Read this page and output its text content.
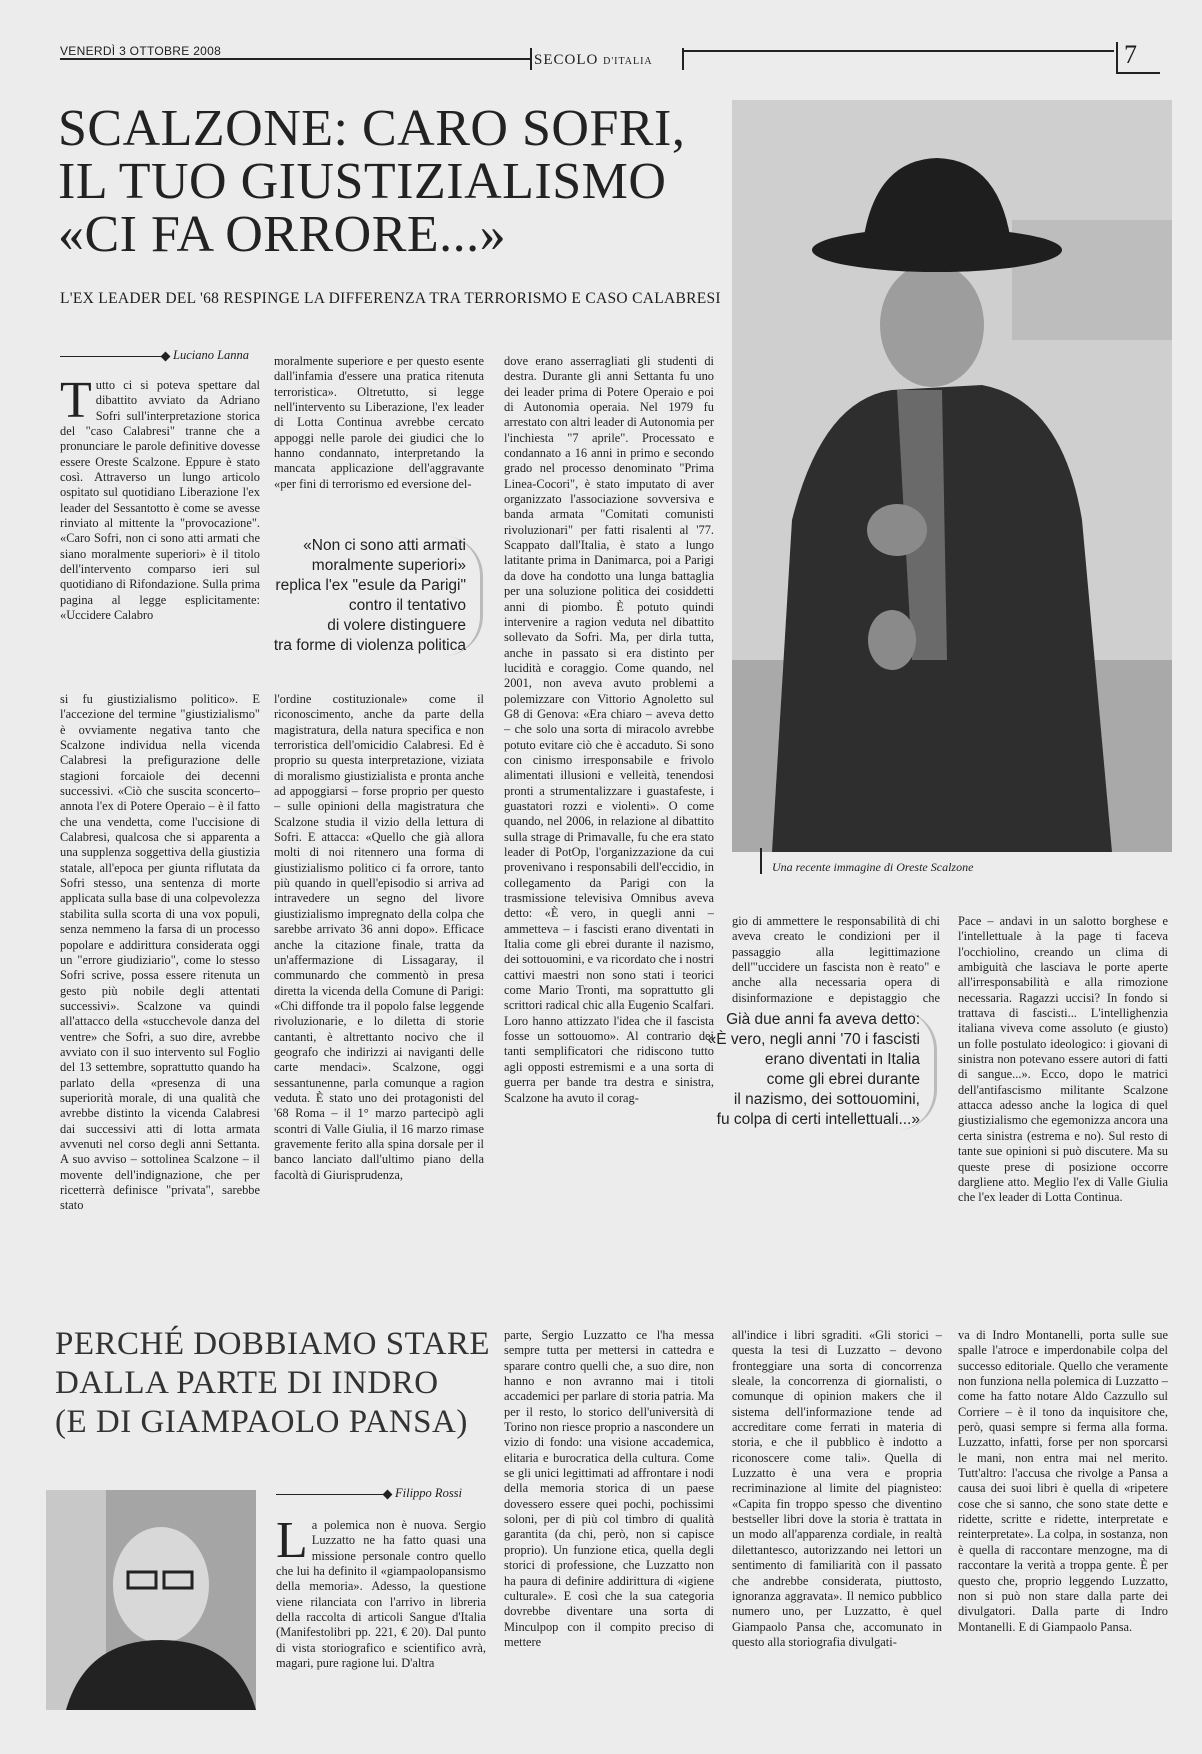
VENERDÌ 3 OTTOBRE 2008
SECOLO D'ITALIA	7
SCALZONE: CARO SOFRI,
IL TUO GIUSTIZIALISMO
«CI FA ORRORE...»
L'EX LEADER DEL '68 RESPINGE LA DIFFERENZA TRA TERRORISMO E CASO CALABRESI
Una recente immagine di Oreste Scalzone
Luciano Lanna
T utto ci si poteva spettare dal dibattito avviato da Adriano Sofri sull'interpretazione storica del "caso Calabresi" tranne che a pronunciare le parole definitive dovesse essere Oreste Scalzone. Eppure è stato così. Attraverso un lungo articolo ospitato sul quotidiano Liberazione l'ex leader del Sessantotto è come se avesse rinviato al mittente la "provocazione". «Caro Sofri, non ci sono atti armati che siano moralmente superiori» è il titolo dell'intervento comparso ieri sul quotidiano di Rifondazione. Sulla prima pagina al legge esplicitamente: «Uccidere Calabro

si fu giustizialismo politico». E l'accezione del termine "giustizialismo" è ovviamente negativa tanto che Scalzone individua nella vicenda Calabresi la prefigurazione delle stagioni forcaiole dei decenni successivi. «Ciò che suscita sconcerto– annota l'ex di Potere Operaio – è il fatto che una vendetta, come l'uccisione di Calabresi, qualcosa che si apparenta a una supplenza soggettiva della giustizia statale, all'epoca per giunta riflutata da Sofri stesso, una sentenza di morte applicata sulla base di una colpevolezza stabilita sulla scorta di una vox populi, senza nemmeno la farsa di un processo popolare e addirittura considerata oggi un "errore giudiziario", come lo stesso Sofri scrive, possa essere ritenuta un gesto più nobile degli attentati successivi». Scalzone va quindi all'attacco della «stucchevole danza del ventre» che Sofri, a suo dire, avrebbe avviato con il suo intervento sul Foglio del 13 settembre, soprattutto quando ha parlato della «presenza di una superiorità morale, di una qualità che avrebbe distinto la vicenda Calabresi dai successivi atti di lotta armata avvenuti nel corso degli anni Settanta. A suo avviso – sottolinea Scalzone – il movente dell'indignazione, che per ricetterrà definisce "privata", sarebbe stato

moralmente superiore e per questo esente dall'infamia d'essere una pratica ritenuta terroristica». Oltretutto, si legge nell'intervento su Liberazione, l'ex leader di Lotta Continua avrebbe cercato appoggi nelle parole dei giudici che lo hanno condannato, interpretando la mancata applicazione dell'aggravante «per fini di terrorismo ed eversione del-

l'ordine costituzionale» come il riconoscimento, anche da parte della magistratura, della natura specifica e non terroristica dell'omicidio Calabresi. Ed è proprio su questa interpretazione, viziata di moralismo giustizialista e pronta anche ad appoggiarsi – forse proprio per questo – sulle opinioni della magistratura che Scalzone studia il vizio della lettura di Sofri. E attacca: «Quello che già allora molti di noi ritennero una forma di giustizialismo politico ci fa orrore, tanto più quando in quell'episodio si arriva ad intravedere un segno del livore giustizialismo impregnato della colpa che sarebbe arrivato 36 anni dopo». Efficace anche la citazione finale, tratta da un'affermazione di Lissagaray, il communardo che commentò in presa diretta la vicenda della Comune di Parigi: «Chi diffonde tra il popolo false leggende rivoluzionarie, e lo diletta di storie cantanti, è altrettanto nocivo che il geografo che indirizzi ai naviganti delle carte mendaci». Scalzone, oggi sessantunenne, parla comunque a ragion veduta. È stato uno dei protagonisti del '68 Roma – il 1° marzo partecipò agli scontri di Valle Giulia, il 16 marzo rimase gravemente ferito alla spina dorsale per il banco lanciato dall'ultimo piano della facoltà di Giurisprudenza,

«Non ci sono atti armati
moralmente superiori»
replica l'ex "esule da Parigi"
contro il tentativo
di volere distinguere
tra forme di violenza politica

dove erano asserragliati gli studenti di destra. Durante gli anni Settanta fu uno dei leader prima di Potere Operaio e poi di Autonomia operaia. Nel 1979 fu arrestato con altri leader di Autonomia per l'inchiesta "7 aprile". Processato e condannato a 16 anni in primo e secondo grado nel processo denominato "Prima Linea-Cocori", è stato imputato di aver organizzato l'associazione sovversiva e banda armata "Comitati comunisti rivoluzionari" per fatti risalenti al '77. Scappato dall'Italia, è stato a lungo latitante prima in Danimarca, poi a Parigi da dove ha condotto una lunga battaglia per una soluzione politica dei cosiddetti anni di piombo. È potuto quindi intervenire a ragion veduta nel dibattito sollevato da Sofri. Ma, per dirla tutta, anche in passato si era distinto per lucidità e coraggio. Come quando, nel 2001, non aveva avuto problemi a polemizzare con Vittorio Agnoletto sul G8 di Genova: «Era chiaro – aveva detto – che solo una sorta di miracolo avrebbe potuto evitare ciò che è accaduto. Si sono con cinismo irresponsabile e frivolo alimentati illusioni e velleità, tenendosi pronti a strumentalizzare i guastafeste, i guastatori rozzi e violenti». O come quando, nel 2006, in relazione al dibattito sulla strage di Primavalle, fu che era stato leader di PotOp, l'organizzazione da cui provenivano i responsabili dell'eccidio, in collegamento da Parigi con la trasmissione televisiva Omnibus aveva detto: «È vero, in quegli anni – ammetteva – i fascisti erano diventati in Italia come gli ebrei durante il nazismo, dei sottouomini, e va ricordato che i nostri cattivi maestri non sono stati i teorici come Mario Tronti, ma soprattutto gli scrittori radical chic alla Eugenio Scalfari. Loro hanno attizzato l'idea che il fascista fosse un sottouomo». Al contrario dei tanti semplificatori che ridiscono tutto agli opposti estremismi e a una sorta di guerra per bande tra destra e sinistra, Scalzone ha avuto il corag-

gio di ammettere le responsabilità di chi aveva creato le condizioni per il passaggio alla legittimazione dell'"uccidere un fascista non è reato" e anche alla necessaria opera di disinformazione e depistaggio che

Già due anni fa aveva detto:
«È vero, negli anni '70 i fascisti
erano diventati in Italia
come gli ebrei durante
il nazismo, dei sottouomini,
fu colpa di certi intellettuali...»

Pace – andavi in un salotto borghese e l'intellettuale à la page ti faceva l'occhiolino, creando un clima di ambiguità che lasciava le porte aperte all'irresponsabilità e alla rimozione necessaria. Ragazzi uccisi? In fondo si trattava di fascisti... L'intellighenzia italiana viveva come assoluto (e giusto) un folle postulato ideologico: i giovani di sinistra non potevano essere autori di fatti di sangue...». Ecco, dopo le matrici dell'antifascismo militante Scalzone attacca adesso anche la logica di quel giustizialismo che egemonizza ancora una certa sinistra (estrema e no). Sul resto di tante sue opinioni si può discutere. Ma su queste prese di posizione occorre dargliene atto. Meglio l'ex di Valle Giulia che l'ex leader di Lotta Continua.

PERCHÉ DOBBIAMO STARE
DALLA PARTE DI INDRO
(E DI GIAMPAOLO PANSA)
Filippo Rossi
L a polemica non è nuova. Sergio Luzzatto ne ha fatto quasi una missione personale contro quello che lui ha definito il «giampaolopansismo della memoria». Adesso, la questione viene rilanciata con l'arrivo in libreria della raccolta di articoli Sangue d'Italia (Manifestolibri pp. 221, € 20). Dal punto di vista storiografico e scientifico avrà, magari, pure ragione lui. D'altra

parte, Sergio Luzzatto ce l'ha messa sempre tutta per mettersi in cattedra e sparare contro quelli che, a suo dire, non hanno e non avranno mai i titoli accademici per parlare di storia patria. Ma per il resto, lo storico dell'università di Torino non riesce proprio a nascondere un vizio di fondo: una visione accademica, elitaria e burocratica della cultura. Come se gli unici legittimati ad affrontare i nodi della memoria storica di un paese dovessero essere quei pochi, pochissimi soloni, per di più col timbro di qualità garantita (da chi, però, non si capisce proprio). Un funzione etica, quella degli storici di professione, che Luzzatto non ha paura di definire addirittura di «igiene culturale». E così che la sua categoria dovrebbe diventare una sorta di Minculpop con il compito preciso di mettere

all'indice i libri sgraditi. «Gli storici – questa la tesi di Luzzatto – devono fronteggiare una sorta di concorrenza sleale, la concorrenza di giornalisti, o comunque di opinion makers che il sistema dell'informazione tende ad accreditare come ferrati in materia di storia, e che il pubblico è indotto a riconoscere come tali». Quella di Luzzatto è una vera e propria recriminazione al limite del piagnisteo: «Capita fin troppo spesso che diventino bestseller libri dove la storia è trattata in un modo all'apparenza cordiale, in realtà dilettantesco, autorizzando nei lettori un sentimento di familiarità con il passato che andrebbe considerata, piuttosto, ignoranza aggravata». Il nemico pubblico numero uno, per Luzzatto, è quel Giampaolo Pansa che, accomunato in questo alla storiografia divulgati-

va di Indro Montanelli, porta sulle sue spalle l'atroce e imperdonabile colpa del successo editoriale. Quello che veramente non funziona nella polemica di Luzzatto – come ha fatto notare Aldo Cazzullo sul Corriere – è il tono da inquisitore che, però, quasi sempre si ferma alla forma. Luzzatto, infatti, forse per non sporcarsi le mani, non entra mai nel merito. Tutt'altro: l'accusa che rivolge a Pansa a causa dei suoi libri è quella di «ripetere cose che si sanno, che sono state dette e ridette, scritte e ridette, interpretate e reinterpretate». La colpa, in sostanza, non è quella di raccontare menzogne, ma di raccontare la verità a troppa gente. È per questo che, proprio leggendo Luzzatto, non si può non stare dalla parte dei divulgatori. Dalla parte di Indro Montanelli. E di Giampaolo Pansa.
